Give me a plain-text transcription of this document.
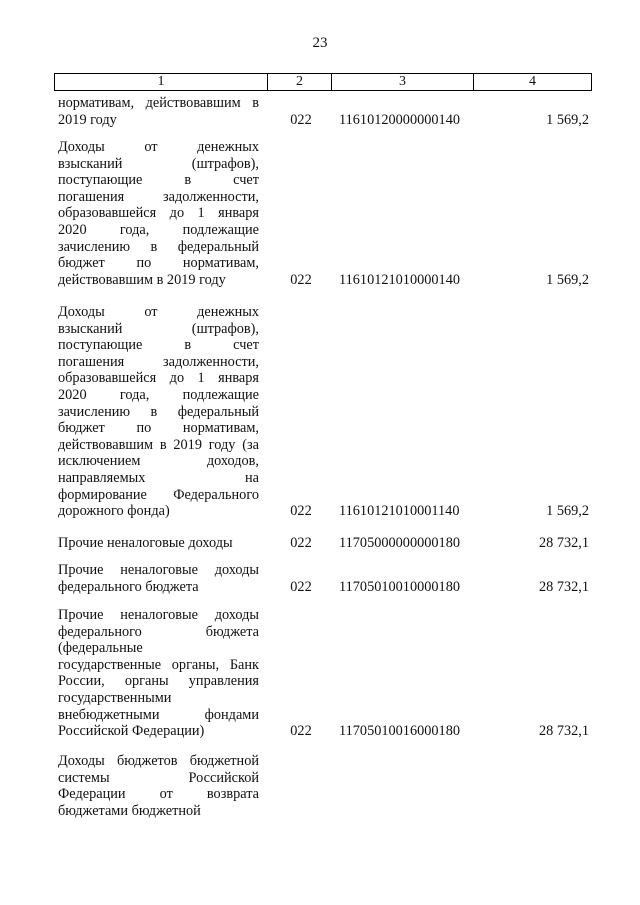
23
1	2	3	4
нормативам, действовавшим в
2019 году	022 11610120000000140	1 569,2
Доходы от денежных
взысканий (штрафов),
поступающие в счет
погашения задолженности,
образовавшейся до 1 января
2020 года, подлежащие
зачислению в федеральный
бюджет по нормативам,
действовавшим в 2019 году	022 11610121010000140	1 569,2
Доходы от денежных
взысканий (штрафов),
поступающие в счет
погашения задолженности,
образовавшейся до 1 января
2020 года, подлежащие
зачислению в федеральный
бюджет по нормативам,
действовавшим в 2019 году (за
исключением доходов,
направляемых на
формирование Федерального
дорожного фонда)	022 11610121010001140	1 569,2
Прочие неналоговые доходы	022 11705000000000180	28 732,1
Прочие неналоговые доходы
федерального бюджета	022 11705010010000180	28 732,1
Прочие неналоговые доходы
федерального бюджета
(федеральные
государственные органы, Банк
России, органы управления
государственными
внебюджетными фондами
Российской Федерации)	022 11705010016000180	28 732,1
Доходы бюджетов бюджетной
системы Российской
Федерации от возврата
бюджетами бюджетной
